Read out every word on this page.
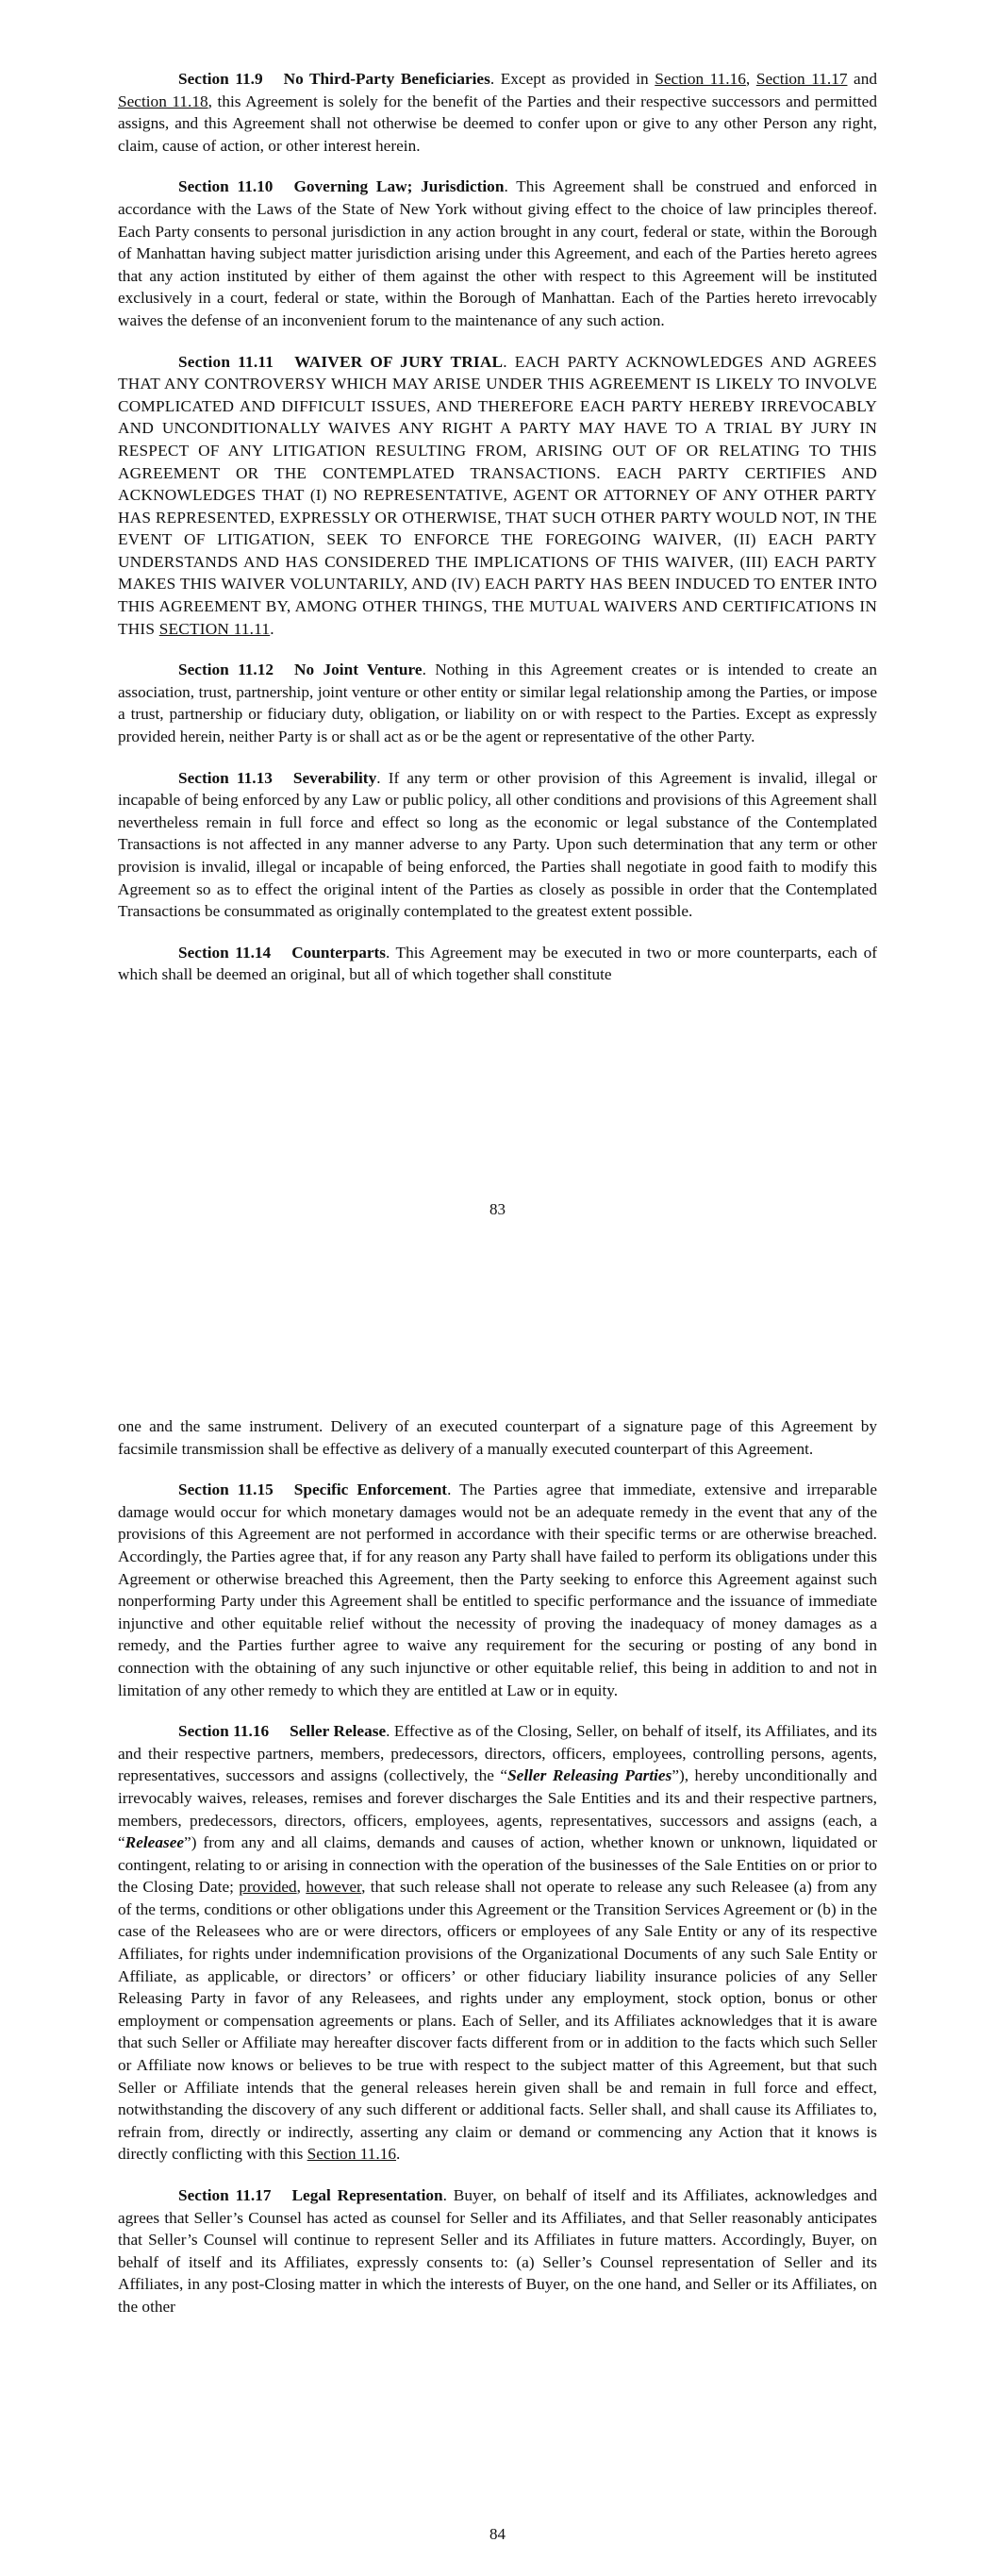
Section 11.9 No Third-Party Beneficiaries. Except as provided in Section 11.16, Section 11.17 and Section 11.18, this Agreement is solely for the benefit of the Parties and their respective successors and permitted assigns, and this Agreement shall not otherwise be deemed to confer upon or give to any other Person any right, claim, cause of action, or other interest herein.

Section 11.10 Governing Law; Jurisdiction. This Agreement shall be construed and enforced in accordance with the Laws of the State of New York without giving effect to the choice of law principles thereof. Each Party consents to personal jurisdiction in any action brought in any court, federal or state, within the Borough of Manhattan having subject matter jurisdiction arising under this Agreement, and each of the Parties hereto agrees that any action instituted by either of them against the other with respect to this Agreement will be instituted exclusively in a court, federal or state, within the Borough of Manhattan. Each of the Parties hereto irrevocably waives the defense of an inconvenient forum to the maintenance of any such action.

Section 11.11 WAIVER OF JURY TRIAL. EACH PARTY ACKNOWLEDGES AND AGREES THAT ANY CONTROVERSY WHICH MAY ARISE UNDER THIS AGREEMENT IS LIKELY TO INVOLVE COMPLICATED AND DIFFICULT ISSUES, AND THEREFORE EACH PARTY HEREBY IRREVOCABLY AND UNCONDITIONALLY WAIVES ANY RIGHT A PARTY MAY HAVE TO A TRIAL BY JURY IN RESPECT OF ANY LITIGATION RESULTING FROM, ARISING OUT OF OR RELATING TO THIS AGREEMENT OR THE CONTEMPLATED TRANSACTIONS. EACH PARTY CERTIFIES AND ACKNOWLEDGES THAT (I) NO REPRESENTATIVE, AGENT OR ATTORNEY OF ANY OTHER PARTY HAS REPRESENTED, EXPRESSLY OR OTHERWISE, THAT SUCH OTHER PARTY WOULD NOT, IN THE EVENT OF LITIGATION, SEEK TO ENFORCE THE FOREGOING WAIVER, (II) EACH PARTY UNDERSTANDS AND HAS CONSIDERED THE IMPLICATIONS OF THIS WAIVER, (III) EACH PARTY MAKES THIS WAIVER VOLUNTARILY, AND (IV) EACH PARTY HAS BEEN INDUCED TO ENTER INTO THIS AGREEMENT BY, AMONG OTHER THINGS, THE MUTUAL WAIVERS AND CERTIFICATIONS IN THIS SECTION 11.11.

Section 11.12 No Joint Venture. Nothing in this Agreement creates or is intended to create an association, trust, partnership, joint venture or other entity or similar legal relationship among the Parties, or impose a trust, partnership or fiduciary duty, obligation, or liability on or with respect to the Parties. Except as expressly provided herein, neither Party is or shall act as or be the agent or representative of the other Party.

Section 11.13 Severability. If any term or other provision of this Agreement is invalid, illegal or incapable of being enforced by any Law or public policy, all other conditions and provisions of this Agreement shall nevertheless remain in full force and effect so long as the economic or legal substance of the Contemplated Transactions is not affected in any manner adverse to any Party. Upon such determination that any term or other provision is invalid, illegal or incapable of being enforced, the Parties shall negotiate in good faith to modify this Agreement so as to effect the original intent of the Parties as closely as possible in order that the Contemplated Transactions be consummated as originally contemplated to the greatest extent possible.

Section 11.14 Counterparts. This Agreement may be executed in two or more counterparts, each of which shall be deemed an original, but all of which together shall constitute

83

one and the same instrument. Delivery of an executed counterpart of a signature page of this Agreement by facsimile transmission shall be effective as delivery of a manually executed counterpart of this Agreement.

Section 11.15 Specific Enforcement. The Parties agree that immediate, extensive and irreparable damage would occur for which monetary damages would not be an adequate remedy in the event that any of the provisions of this Agreement are not performed in accordance with their specific terms or are otherwise breached. Accordingly, the Parties agree that, if for any reason any Party shall have failed to perform its obligations under this Agreement or otherwise breached this Agreement, then the Party seeking to enforce this Agreement against such nonperforming Party under this Agreement shall be entitled to specific performance and the issuance of immediate injunctive and other equitable relief without the necessity of proving the inadequacy of money damages as a remedy, and the Parties further agree to waive any requirement for the securing or posting of any bond in connection with the obtaining of any such injunctive or other equitable relief, this being in addition to and not in limitation of any other remedy to which they are entitled at Law or in equity.

Section 11.16 Seller Release. Effective as of the Closing, Seller, on behalf of itself, its Affiliates, and its and their respective partners, members, predecessors, directors, officers, employees, controlling persons, agents, representatives, successors and assigns (collectively, the “Seller Releasing Parties”), hereby unconditionally and irrevocably waives, releases, remises and forever discharges the Sale Entities and its and their respective partners, members, predecessors, directors, officers, employees, agents, representatives, successors and assigns (each, a “Releasee”) from any and all claims, demands and causes of action, whether known or unknown, liquidated or contingent, relating to or arising in connection with the operation of the businesses of the Sale Entities on or prior to the Closing Date; provided, however, that such release shall not operate to release any such Releasee (a) from any of the terms, conditions or other obligations under this Agreement or the Transition Services Agreement or (b) in the case of the Releasees who are or were directors, officers or employees of any Sale Entity or any of its respective Affiliates, for rights under indemnification provisions of the Organizational Documents of any such Sale Entity or Affiliate, as applicable, or directors’ or officers’ or other fiduciary liability insurance policies of any Seller Releasing Party in favor of any Releasees, and rights under any employment, stock option, bonus or other employment or compensation agreements or plans. Each of Seller, and its Affiliates acknowledges that it is aware that such Seller or Affiliate may hereafter discover facts different from or in addition to the facts which such Seller or Affiliate now knows or believes to be true with respect to the subject matter of this Agreement, but that such Seller or Affiliate intends that the general releases herein given shall be and remain in full force and effect, notwithstanding the discovery of any such different or additional facts. Seller shall, and shall cause its Affiliates to, refrain from, directly or indirectly, asserting any claim or demand or commencing any Action that it knows is directly conflicting with this Section 11.16.

Section 11.17 Legal Representation. Buyer, on behalf of itself and its Affiliates, acknowledges and agrees that Seller’s Counsel has acted as counsel for Seller and its Affiliates, and that Seller reasonably anticipates that Seller’s Counsel will continue to represent Seller and its Affiliates in future matters. Accordingly, Buyer, on behalf of itself and its Affiliates, expressly consents to: (a) Seller’s Counsel representation of Seller and its Affiliates, in any post-Closing matter in which the interests of Buyer, on the one hand, and Seller or its Affiliates, on the other

84
